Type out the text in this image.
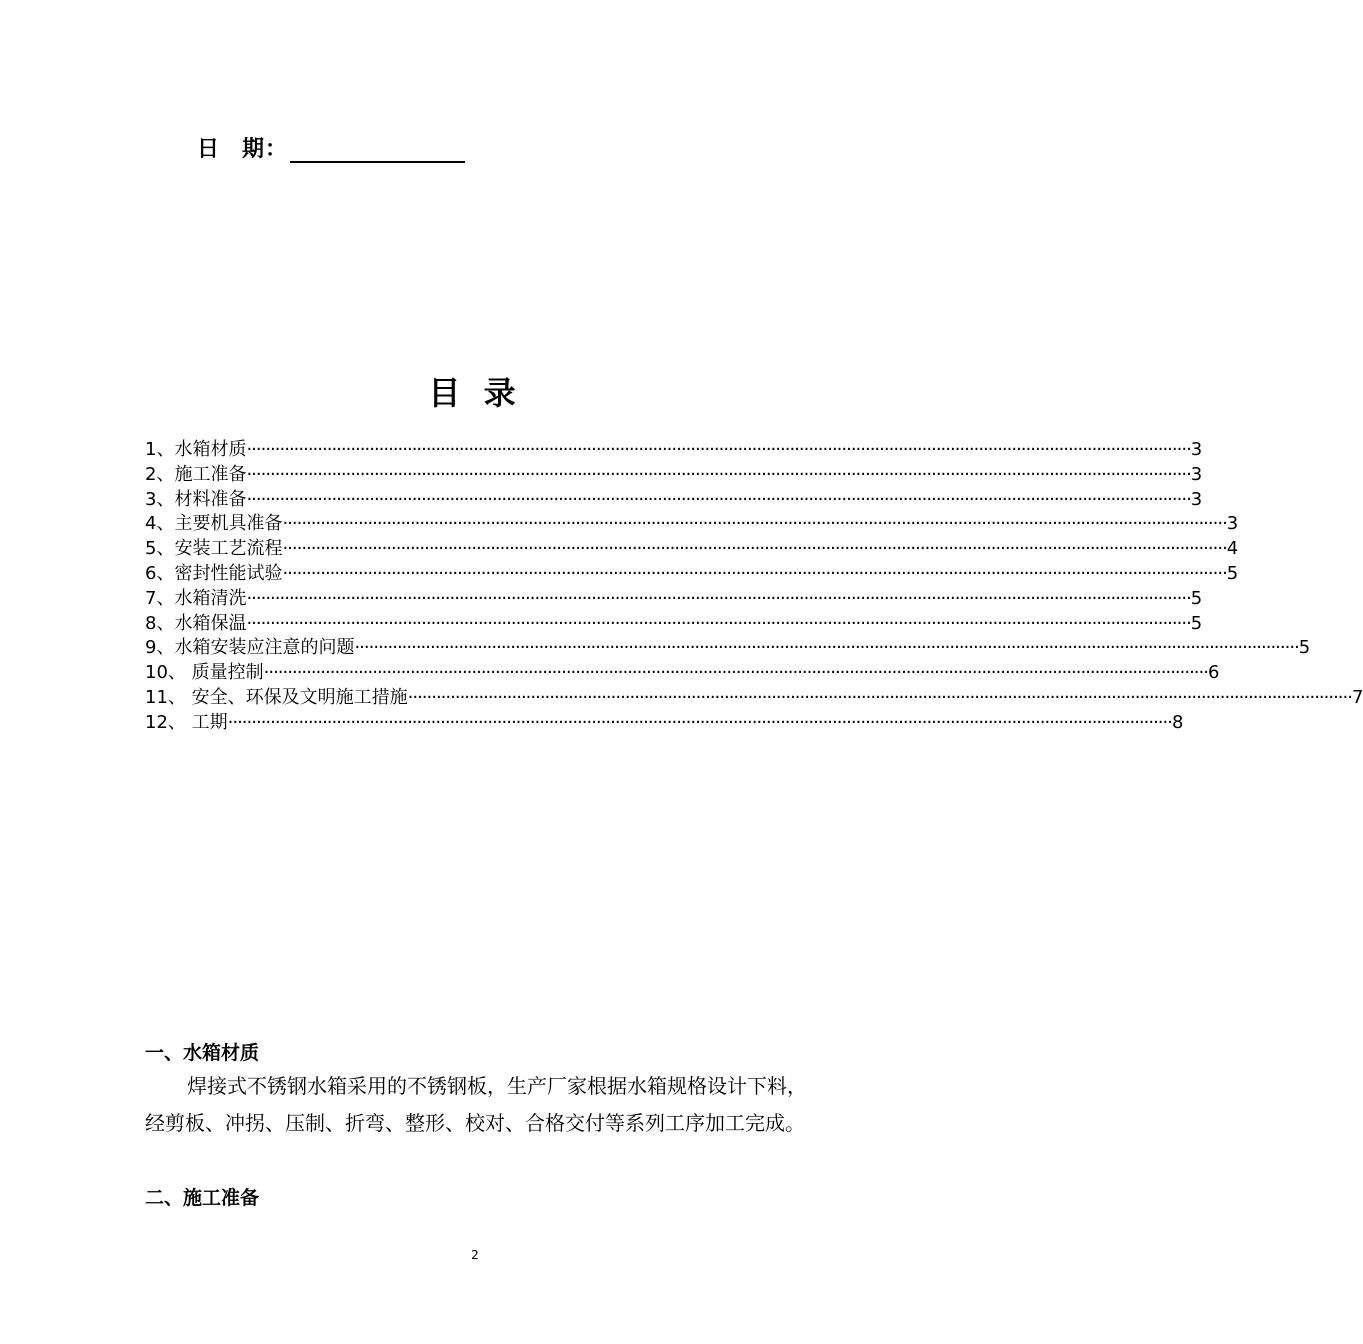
日 期：
目 录
1、水箱材质 ········································································································································································································ 3
2、施工准备 ········································································································································································································ 3
3、材料准备 ········································································································································································································ 3
4、主要机具准备 ········································································································································································································ 3
5、安装工艺流程 ········································································································································································································ 4
6、密封性能试验 ········································································································································································································ 5
7、水箱清洗 ········································································································································································································ 5
8、水箱保温 ········································································································································································································ 5
9、水箱安装应注意的问题 ········································································································································································································ 5
10、 质量控制 ········································································································································································································ 6
11、 安全、环保及文明施工措施 ········································································································································································································ 7
12、 工期 ········································································································································································································ 8
一、水箱材质
焊接式不锈钢水箱采用的不锈钢板，生产厂家根据水箱规格设计下料，经剪板、冲拐、压制、折弯、整形、校对、合格交付等系列工序加工完成。
二、施工准备
2
